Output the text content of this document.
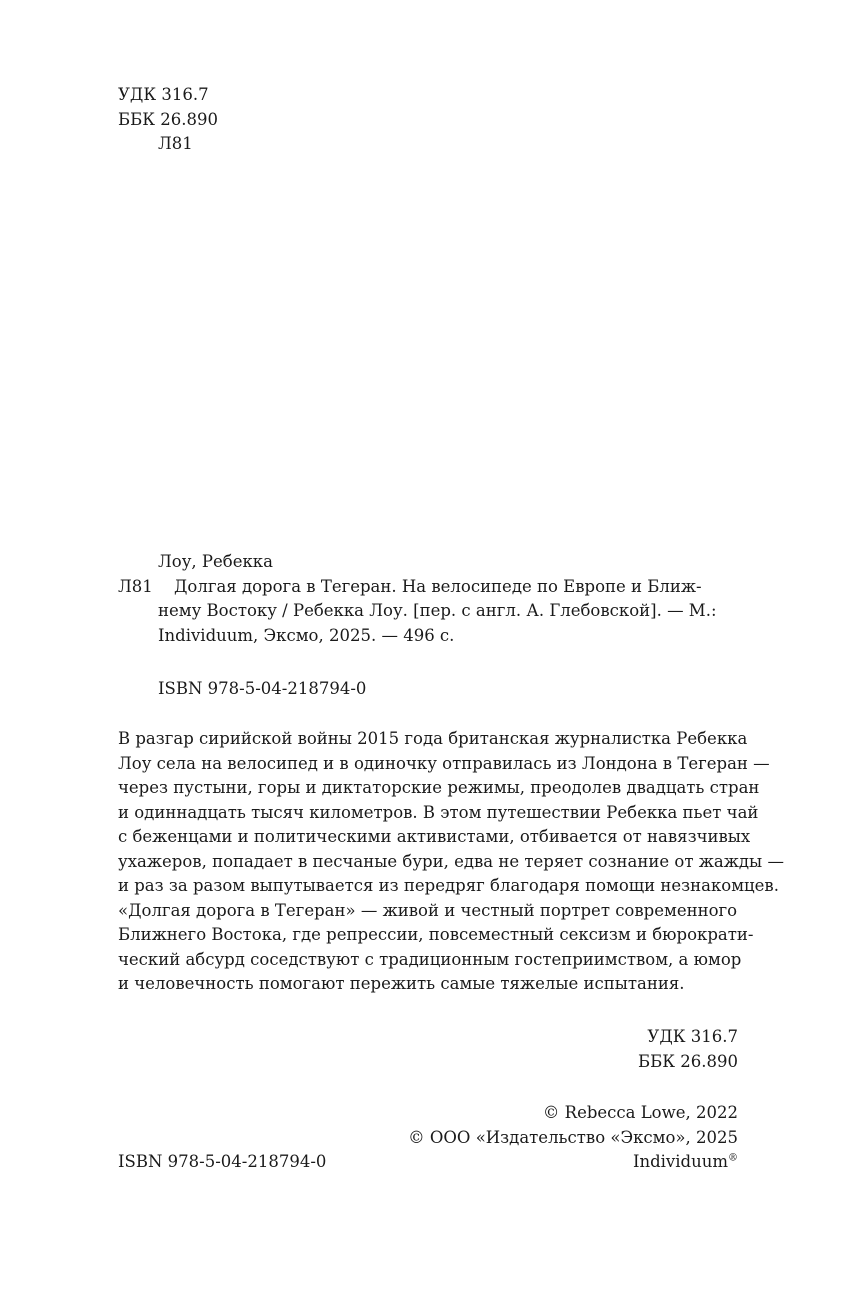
УДК 316.7
ББК 26.890
Л81
Лоу, Ребекка
Л81 Долгая дорога в Тегеран. На велосипеде по Европе и Ближ-
нему Востоку / Ребекка Лоу. [пер. с англ. А. Глебовской]. — М.:
Individuum, Эксмо, 2025. — 496 с.
ISBN 978-5-04-218794-0
В разгар сирийской войны 2015 года британская журналистка Ребекка
Лоу села на велосипед и в одиночку отправилась из Лондона в Тегеран —
через пустыни, горы и диктаторские режимы, преодолев двадцать стран
и одиннадцать тысяч километров. В этом путешествии Ребекка пьет чай
с беженцами и политическими активистами, отбивается от навязчивых
ухажеров, попадает в песчаные бури, едва не теряет сознание от жажды —
и раз за разом выпутывается из передряг благодаря помощи незнакомцев.
«Долгая дорога в Тегеран» — живой и честный портрет современного
Ближнего Востока, где репрессии, повсеместный сексизм и бюрократи-
ческий абсурд соседствуют с традиционным гостеприимством, а юмор
и человечность помогают пережить самые тяжелые испытания.
УДК 316.7
ББК 26.890
© Rebecca Lowe, 2022
© ООО «Издательство «Эксмо», 2025
Individuum®
ISBN 978-5-04-218794-0
